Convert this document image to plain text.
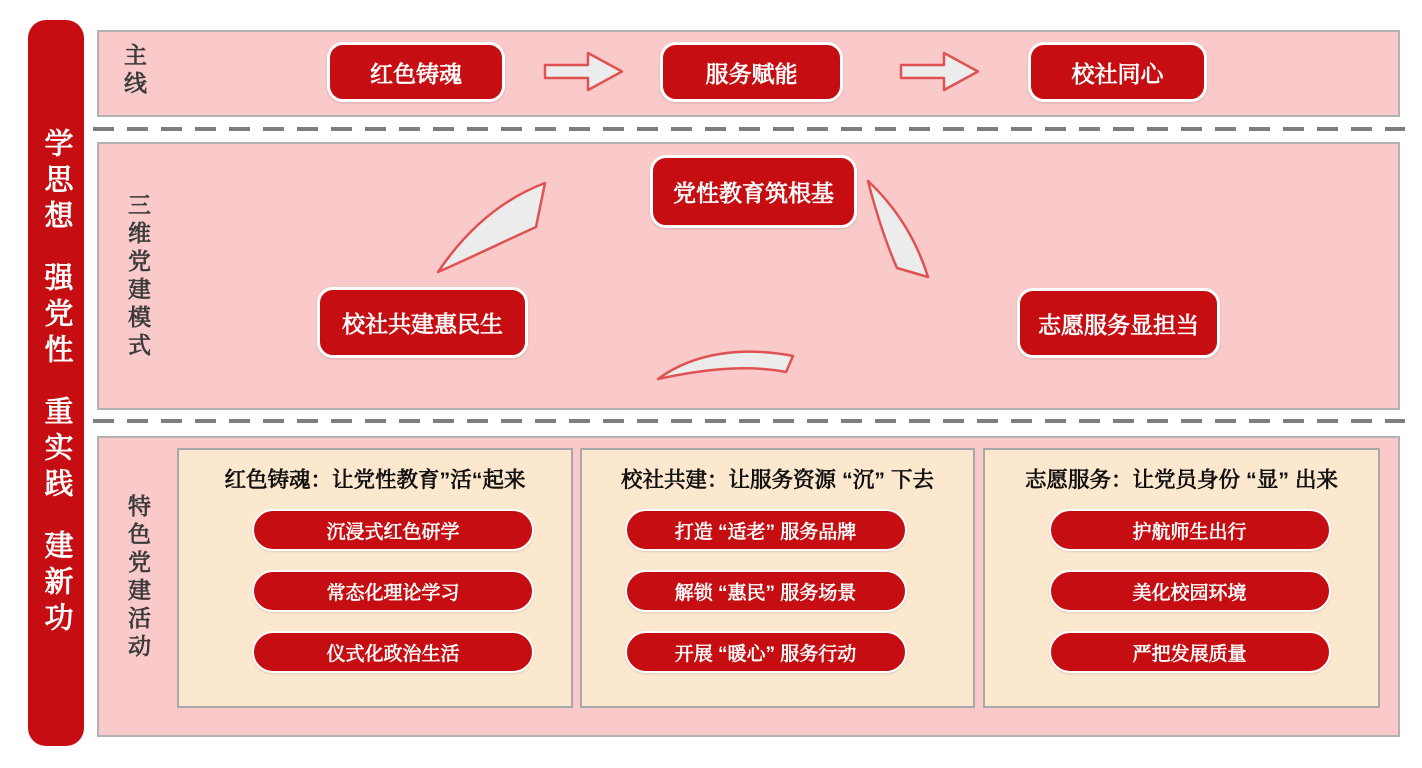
学思想
强党性
重实践
建新功
主线
三维党建模式
特色党建活动
红色铸魂	服务赋能	校社同心
党性教育筑根基
校社共建惠民生	志愿服务显担当
红色铸魂：让党性教育”活“起来
沉浸式红色研学
常态化理论学习
仪式化政治生活
校社共建：让服务资源 “沉” 下去
打造 “适老” 服务品牌
解锁 “惠民” 服务场景
开展 “暖心” 服务行动
志愿服务：让党员身份 “显” 出来
护航师生出行
美化校园环境
严把发展质量
